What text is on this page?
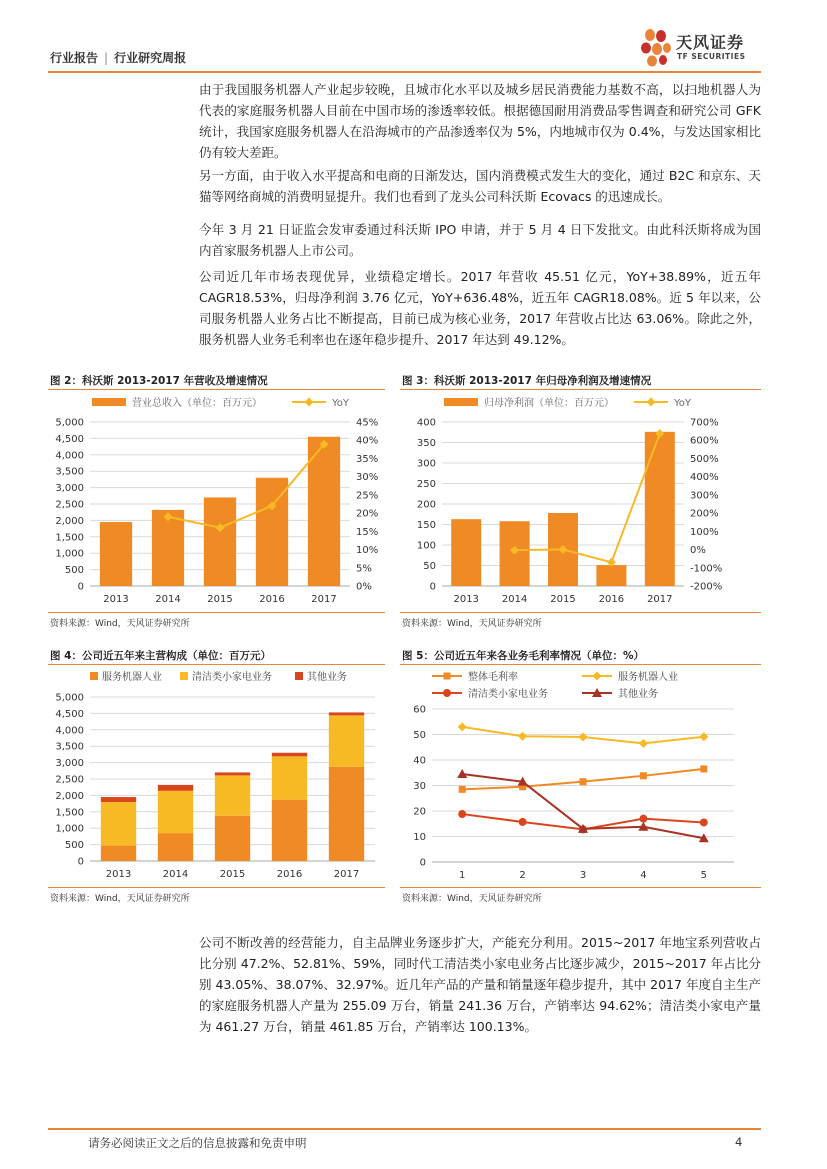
行业报告 | 行业研究周报
天风证券
TF SECURITIES

由于我国服务机器人产业起步较晚，且城市化水平以及城乡居民消费能力基数不高，以扫地机器人为代表的家庭服务机器人目前在中国市场的渗透率较低。根据德国耐用消费品零售调查和研究公司 GFK 统计，我国家庭服务机器人在沿海城市的产品渗透率仅为 5%，内地城市仅为 0.4%，与发达国家相比仍有较大差距。

另一方面，由于收入水平提高和电商的日渐发达，国内消费模式发生大的变化，通过 B2C 和京东、天猫等网络商城的消费明显提升。我们也看到了龙头公司科沃斯 Ecovacs 的迅速成长。

今年 3 月 21 日证监会发审委通过科沃斯 IPO 申请，并于 5 月 4 日下发批文。由此科沃斯将成为国内首家服务机器人上市公司。

公司近几年市场表现优异，业绩稳定增长。2017 年营收 45.51 亿元，YoY+38.89%，近五年 CAGR18.53%，归母净利润 3.76 亿元，YoY+636.48%，近五年 CAGR18.08%。近 5 年以来，公司服务机器人业务占比不断提高，目前已成为核心业务，2017 年营收占比达 63.06%。除此之外，服务机器人业务毛利率也在逐年稳步提升、2017 年达到 49.12%。

图 2：科沃斯 2013-2017 年营收及增速情况
0
500
1,000
1,500
2,000
2,500
3,000
3,500
4,000
4,500
5,000
0%
5%
10%
15%
20%
25%
30%
35%
40%
45%
2013	2014	2015	2016	2017
营业总收入（单位：百万元）	YoY
资料来源：Wind，天风证券研究所
图 3：科沃斯 2013-2017 年归母净利润及增速情况
0
50
100
150
200
250
300
350
400
-200%
-100%
0%
100%
200%
300%
400%
500%
600%
700%
2013 2014 2015 2016 2017
归母净利润（单位：百万元）	YoY
资料来源：Wind，天风证券研究所
图 4：公司近五年来主营构成（单位：百万元）
0
500
1,000
1,500
2,000
2,500
3,000
3,500
4,000
4,500
5,000
2013	2014	2015	2016	2017
服务机器人业	清洁类小家电业务	其他业务
资料来源：Wind，天风证券研究所
图 5：公司近五年来各业务毛利率情况（单位：%）
0
10
20
30
40
50
60
1	2	3	4	5
整体毛利率	服务机器人业
清洁类小家电业务	其他业务
资料来源：Wind，天风证券研究所

公司不断改善的经营能力，自主品牌业务逐步扩大，产能充分利用。2015~2017 年地宝系列营收占比分别 47.2%、52.81%、59%，同时代工清洁类小家电业务占比逐步减少，2015~2017 年占比分别 43.05%、38.07%、32.97%。近几年产品的产量和销量逐年稳步提升，其中 2017 年度自主生产的家庭服务机器人产量为 255.09 万台，销量 241.36 万台，产销率达 94.62%；清洁类小家电产量为 461.27 万台，销量 461.85 万台，产销率达 100.13%。

请务必阅读正文之后的信息披露和免责申明	4
